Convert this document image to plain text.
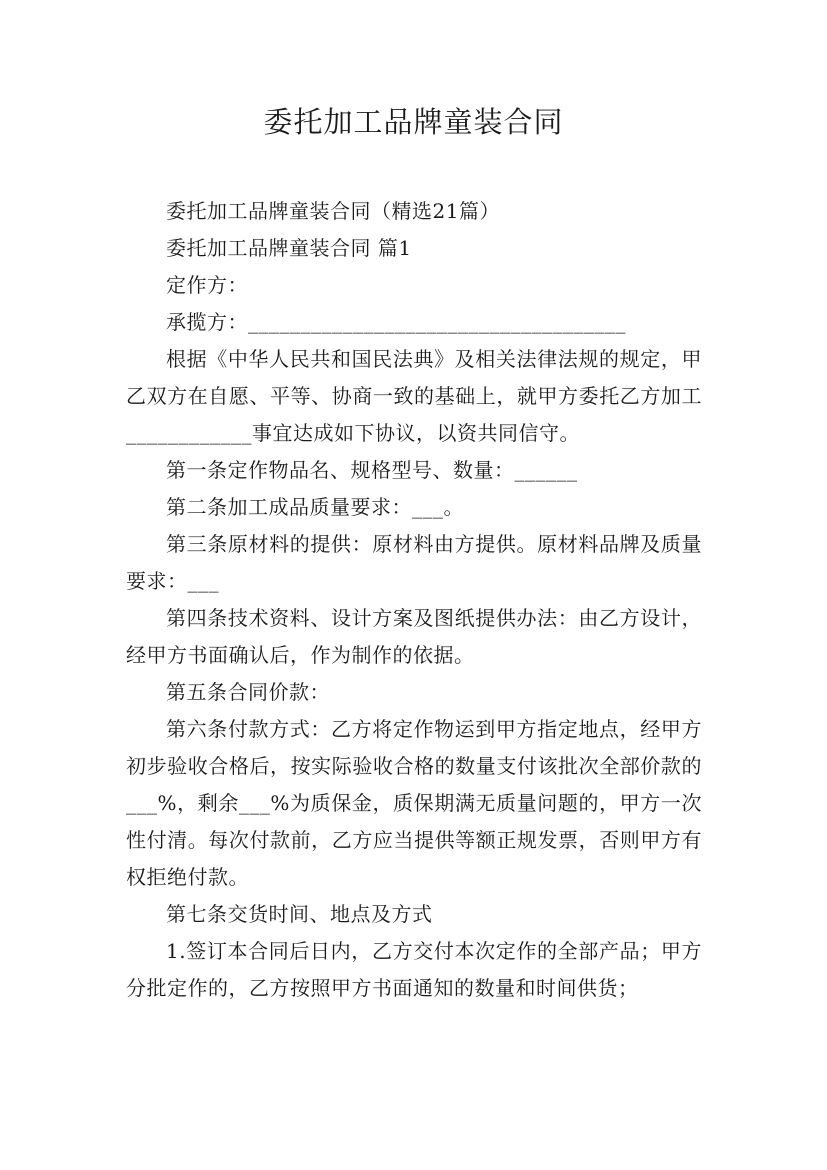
委托加工品牌童装合同

委托加工品牌童装合同（精选21篇）

委托加工品牌童装合同 篇1

定作方：

承揽方：____________________________________

根据《中华人民共和国民法典》及相关法律法规的规定，甲乙双方在自愿、平等、协商一致的基础上，就甲方委托乙方加工____________事宜达成如下协议，以资共同信守。

第一条定作物品名、规格型号、数量：______

第二条加工成品质量要求：___。

第三条原材料的提供：原材料由方提供。原材料品牌及质量要求：___

第四条技术资料、设计方案及图纸提供办法：由乙方设计，经甲方书面确认后，作为制作的依据。

第五条合同价款：

第六条付款方式：乙方将定作物运到甲方指定地点，经甲方初步验收合格后，按实际验收合格的数量支付该批次全部价款的___%，剩余___%为质保金，质保期满无质量问题的，甲方一次性付清。每次付款前，乙方应当提供等额正规发票，否则甲方有权拒绝付款。

第七条交货时间、地点及方式

1.签订本合同后日内，乙方交付本次定作的全部产品；甲方分批定作的，乙方按照甲方书面通知的数量和时间供货；
